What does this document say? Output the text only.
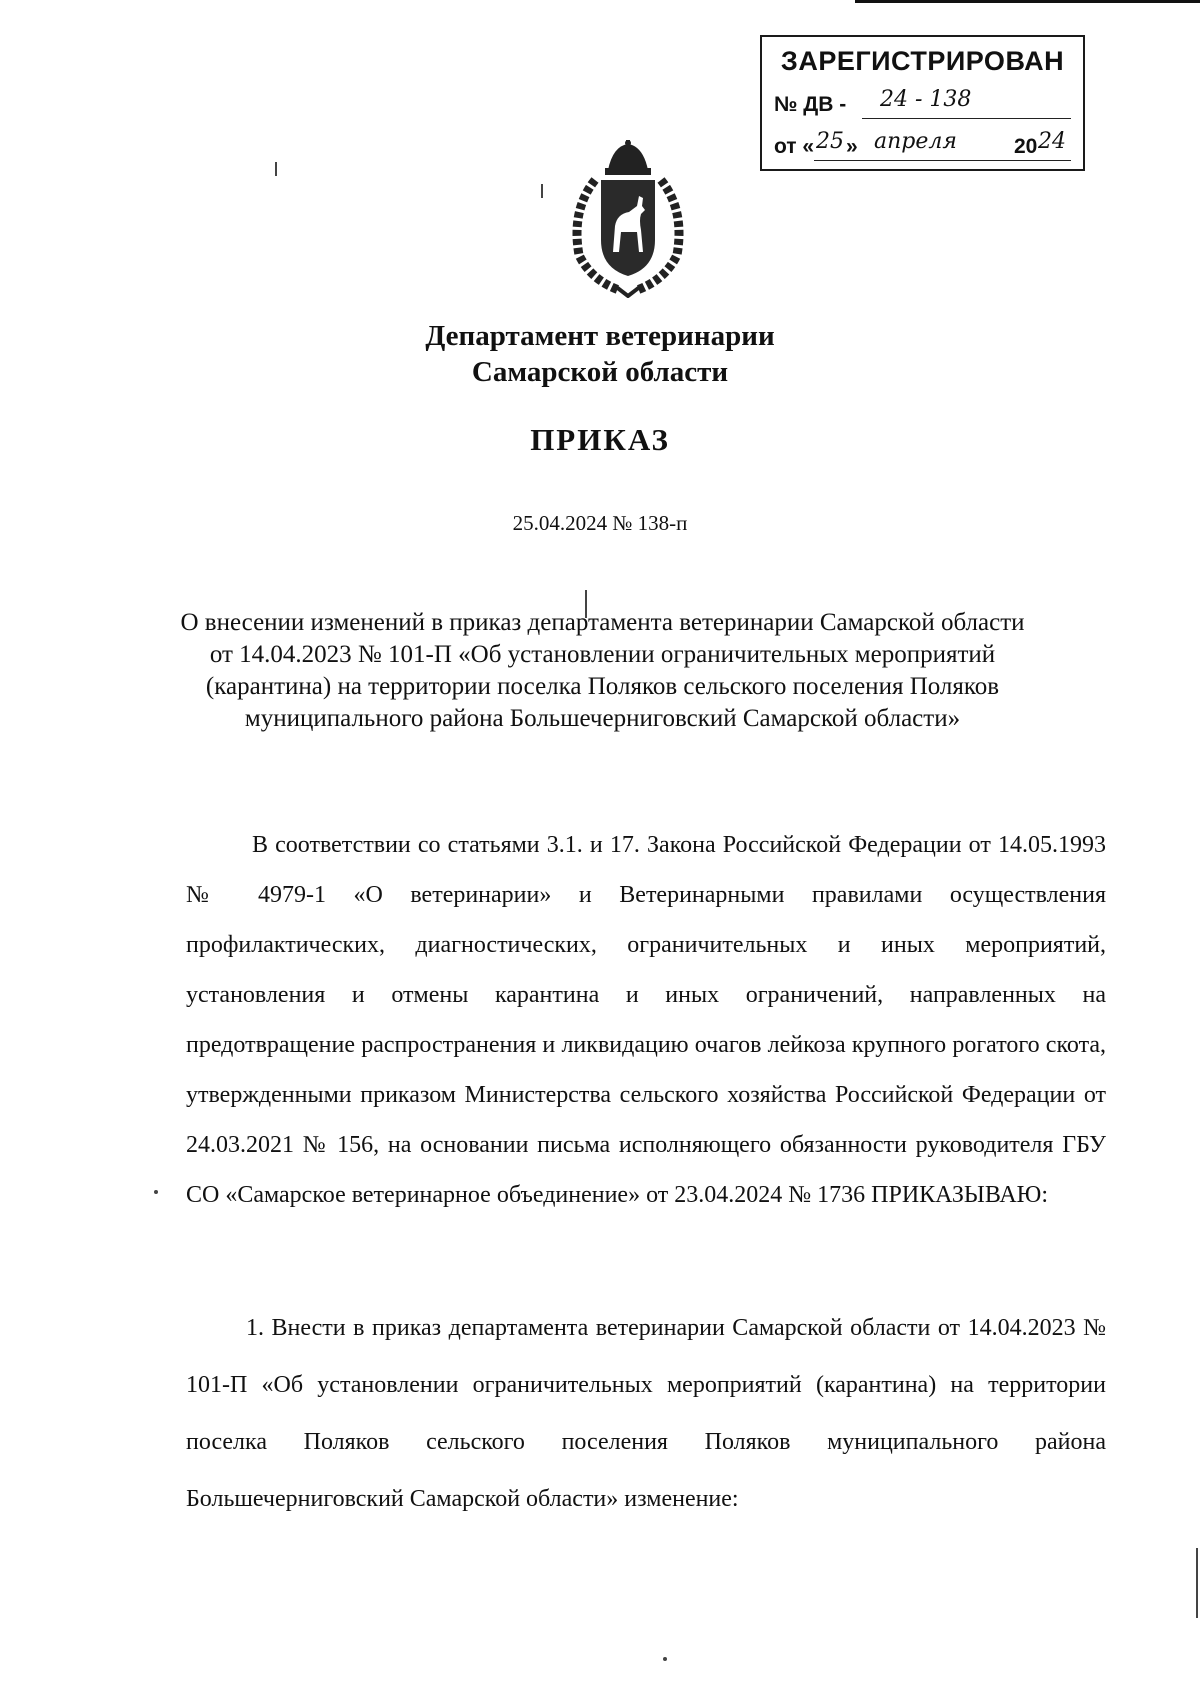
ЗАРЕГИСТРИРОВАН
№ ДВ - 24 - 138
от « 25 » апреля	20 24
Департамент ветеринарии
Самарской области
ПРИКАЗ
25.04.2024 № 138-п
О внесении изменений в приказ департамента ветеринарии Самарской области от 14.04.2023 № 101-П «Об установлении ограничительных мероприятий (карантина) на территории поселка Поляков сельского поселения Поляков муниципального района Большечерниговский Самарской области»
В соответствии со статьями 3.1. и 17. Закона Российской Федерации от 14.05.1993 № 4979-1 «О ветеринарии» и Ветеринарными правилами осуществления профилактических, диагностических, ограничительных и иных мероприятий, установления и отмены карантина и иных ограничений, направленных на предотвращение распространения и ликвидацию очагов лейкоза крупного рогатого скота, утвержденными приказом Министерства сельского хозяйства Российской Федерации от 24.03.2021 № 156, на основании письма исполняющего обязанности руководителя ГБУ СО «Самарское ветеринарное объединение» от 23.04.2024 № 1736 ПРИКАЗЫВАЮ:
1. Внести в приказ департамента ветеринарии Самарской области от 14.04.2023 № 101-П «Об установлении ограничительных мероприятий (карантина) на территории поселка Поляков сельского поселения Поляков муниципального района Большечерниговский Самарской области» изменение:
